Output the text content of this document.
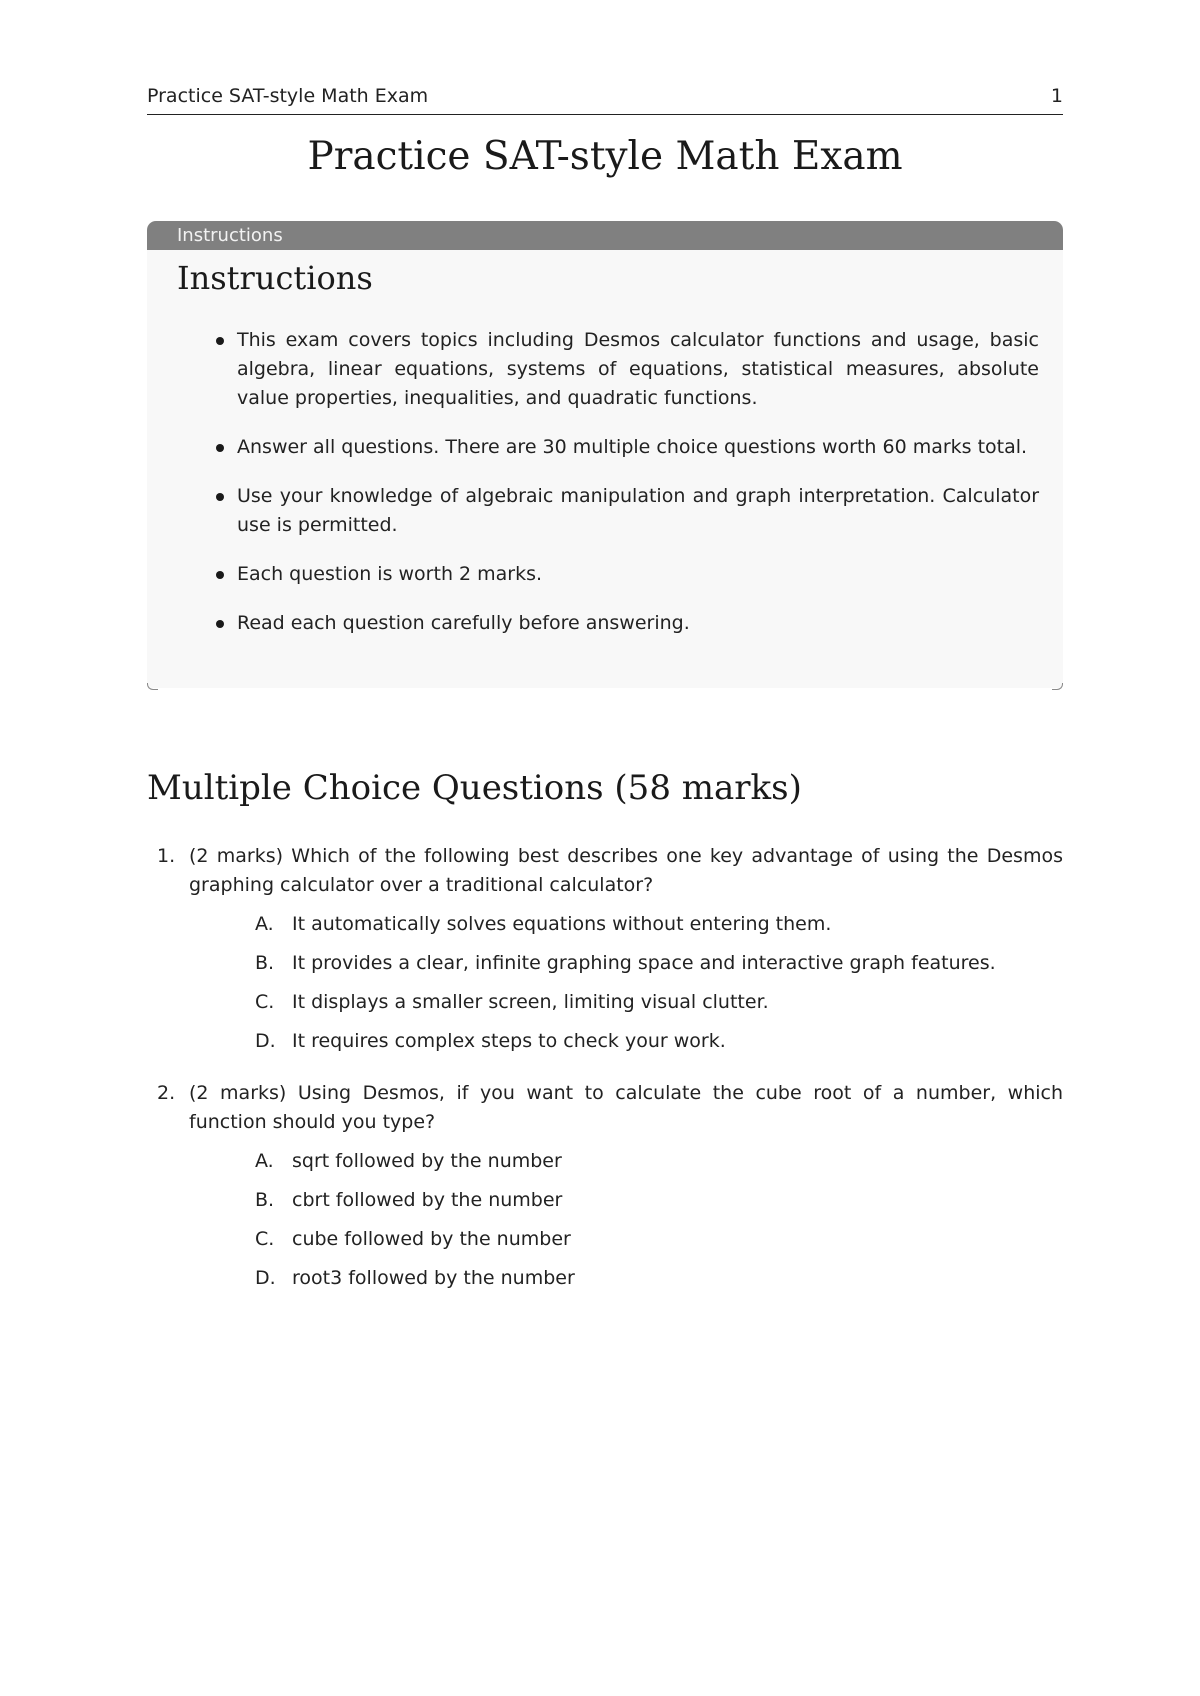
Practice SAT-style Math Exam	1
Practice SAT-style Math Exam
Instructions
Instructions
This exam covers topics including Desmos calculator functions and usage, basic algebra, linear equations, systems of equations, statistical measures, absolute value properties, inequalities, and quadratic functions.
Answer all questions. There are 30 multiple choice questions worth 60 marks total.
Use your knowledge of algebraic manipulation and graph interpretation. Calculator use is permitted.
Each question is worth 2 marks.
Read each question carefully before answering.
Multiple Choice Questions (58 marks)
1. (2 marks) Which of the following best describes one key advantage of using the Desmos graphing calculator over a traditional calculator?
A. It automatically solves equations without entering them.
B. It provides a clear, infinite graphing space and interactive graph features.
C. It displays a smaller screen, limiting visual clutter.
D. It requires complex steps to check your work.
2. (2 marks) Using Desmos, if you want to calculate the cube root of a number, which function should you type?
A. sqrt followed by the number
B. cbrt followed by the number
C. cube followed by the number
D. root3 followed by the number
